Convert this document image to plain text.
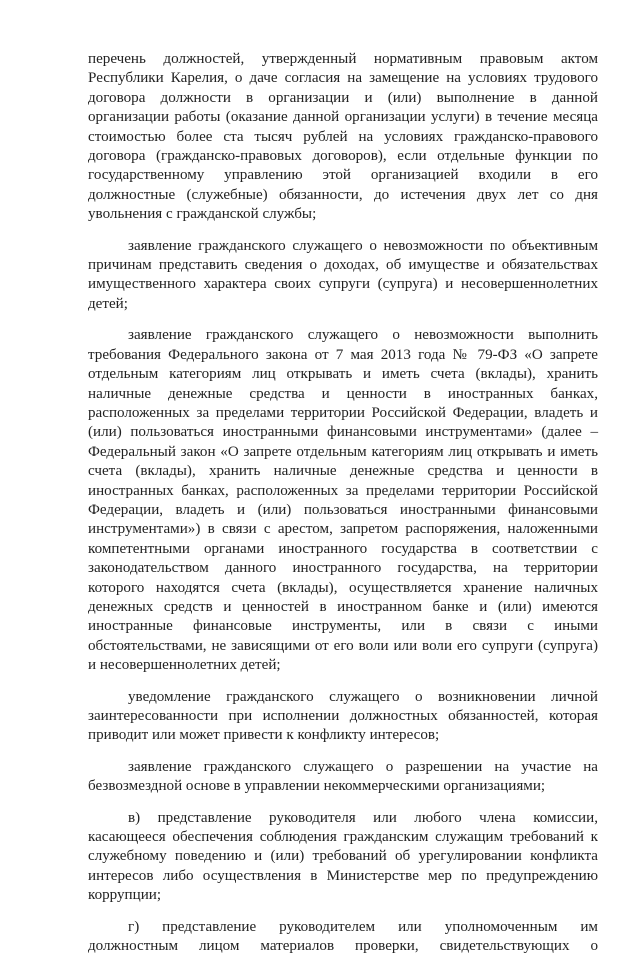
перечень должностей, утвержденный нормативным правовым актом
Республики Карелия, о даче согласия на замещение на условиях трудового
договора должности в организации и (или) выполнение в данной
организации работы (оказание данной организации услуги) в течение месяца
стоимостью более ста тысяч рублей на условиях гражданско-правового
договора (гражданско-правовых договоров), если отдельные функции по
государственному управлению этой организацией входили в его
должностные (служебные) обязанности, до истечения двух лет со дня
увольнения с гражданской службы;
заявление гражданского служащего о невозможности по объективным
причинам представить сведения о доходах, об имуществе и обязательствах
имущественного характера своих супруги (супруга) и несовершеннолетних
детей;
заявление гражданского служащего о невозможности выполнить
требования Федерального закона от 7 мая 2013 года № 79-ФЗ «О запрете
отдельным категориям лиц открывать и иметь счета (вклады), хранить
наличные денежные средства и ценности в иностранных банках,
расположенных за пределами территории Российской Федерации, владеть и
(или) пользоваться иностранными финансовыми инструментами» (далее –
Федеральный закон «О запрете отдельным категориям лиц открывать и иметь
счета (вклады), хранить наличные денежные средства и ценности в
иностранных банках, расположенных за пределами территории Российской
Федерации, владеть и (или) пользоваться иностранными финансовыми
инструментами») в связи с арестом, запретом распоряжения, наложенными
компетентными органами иностранного государства в соответствии с
законодательством данного иностранного государства, на территории
которого находятся счета (вклады), осуществляется хранение наличных
денежных средств и ценностей в иностранном банке и (или) имеются
иностранные финансовые инструменты, или в связи с иными
обстоятельствами, не зависящими от его воли или воли его супруги (супруга)
и несовершеннолетних детей;
уведомление гражданского служащего о возникновении личной
заинтересованности при исполнении должностных обязанностей, которая
приводит или может привести к конфликту интересов;
заявление гражданского служащего о разрешении на участие на
безвозмездной основе в управлении некоммерческими организациями;
в) представление руководителя или любого члена комиссии,
касающееся обеспечения соблюдения гражданским служащим требований к
служебному поведению и (или) требований об урегулировании конфликта
интересов либо осуществления в Министерстве мер по предупреждению
коррупции;
г) представление руководителем или уполномоченным им
должностным лицом материалов проверки, свидетельствующих о
